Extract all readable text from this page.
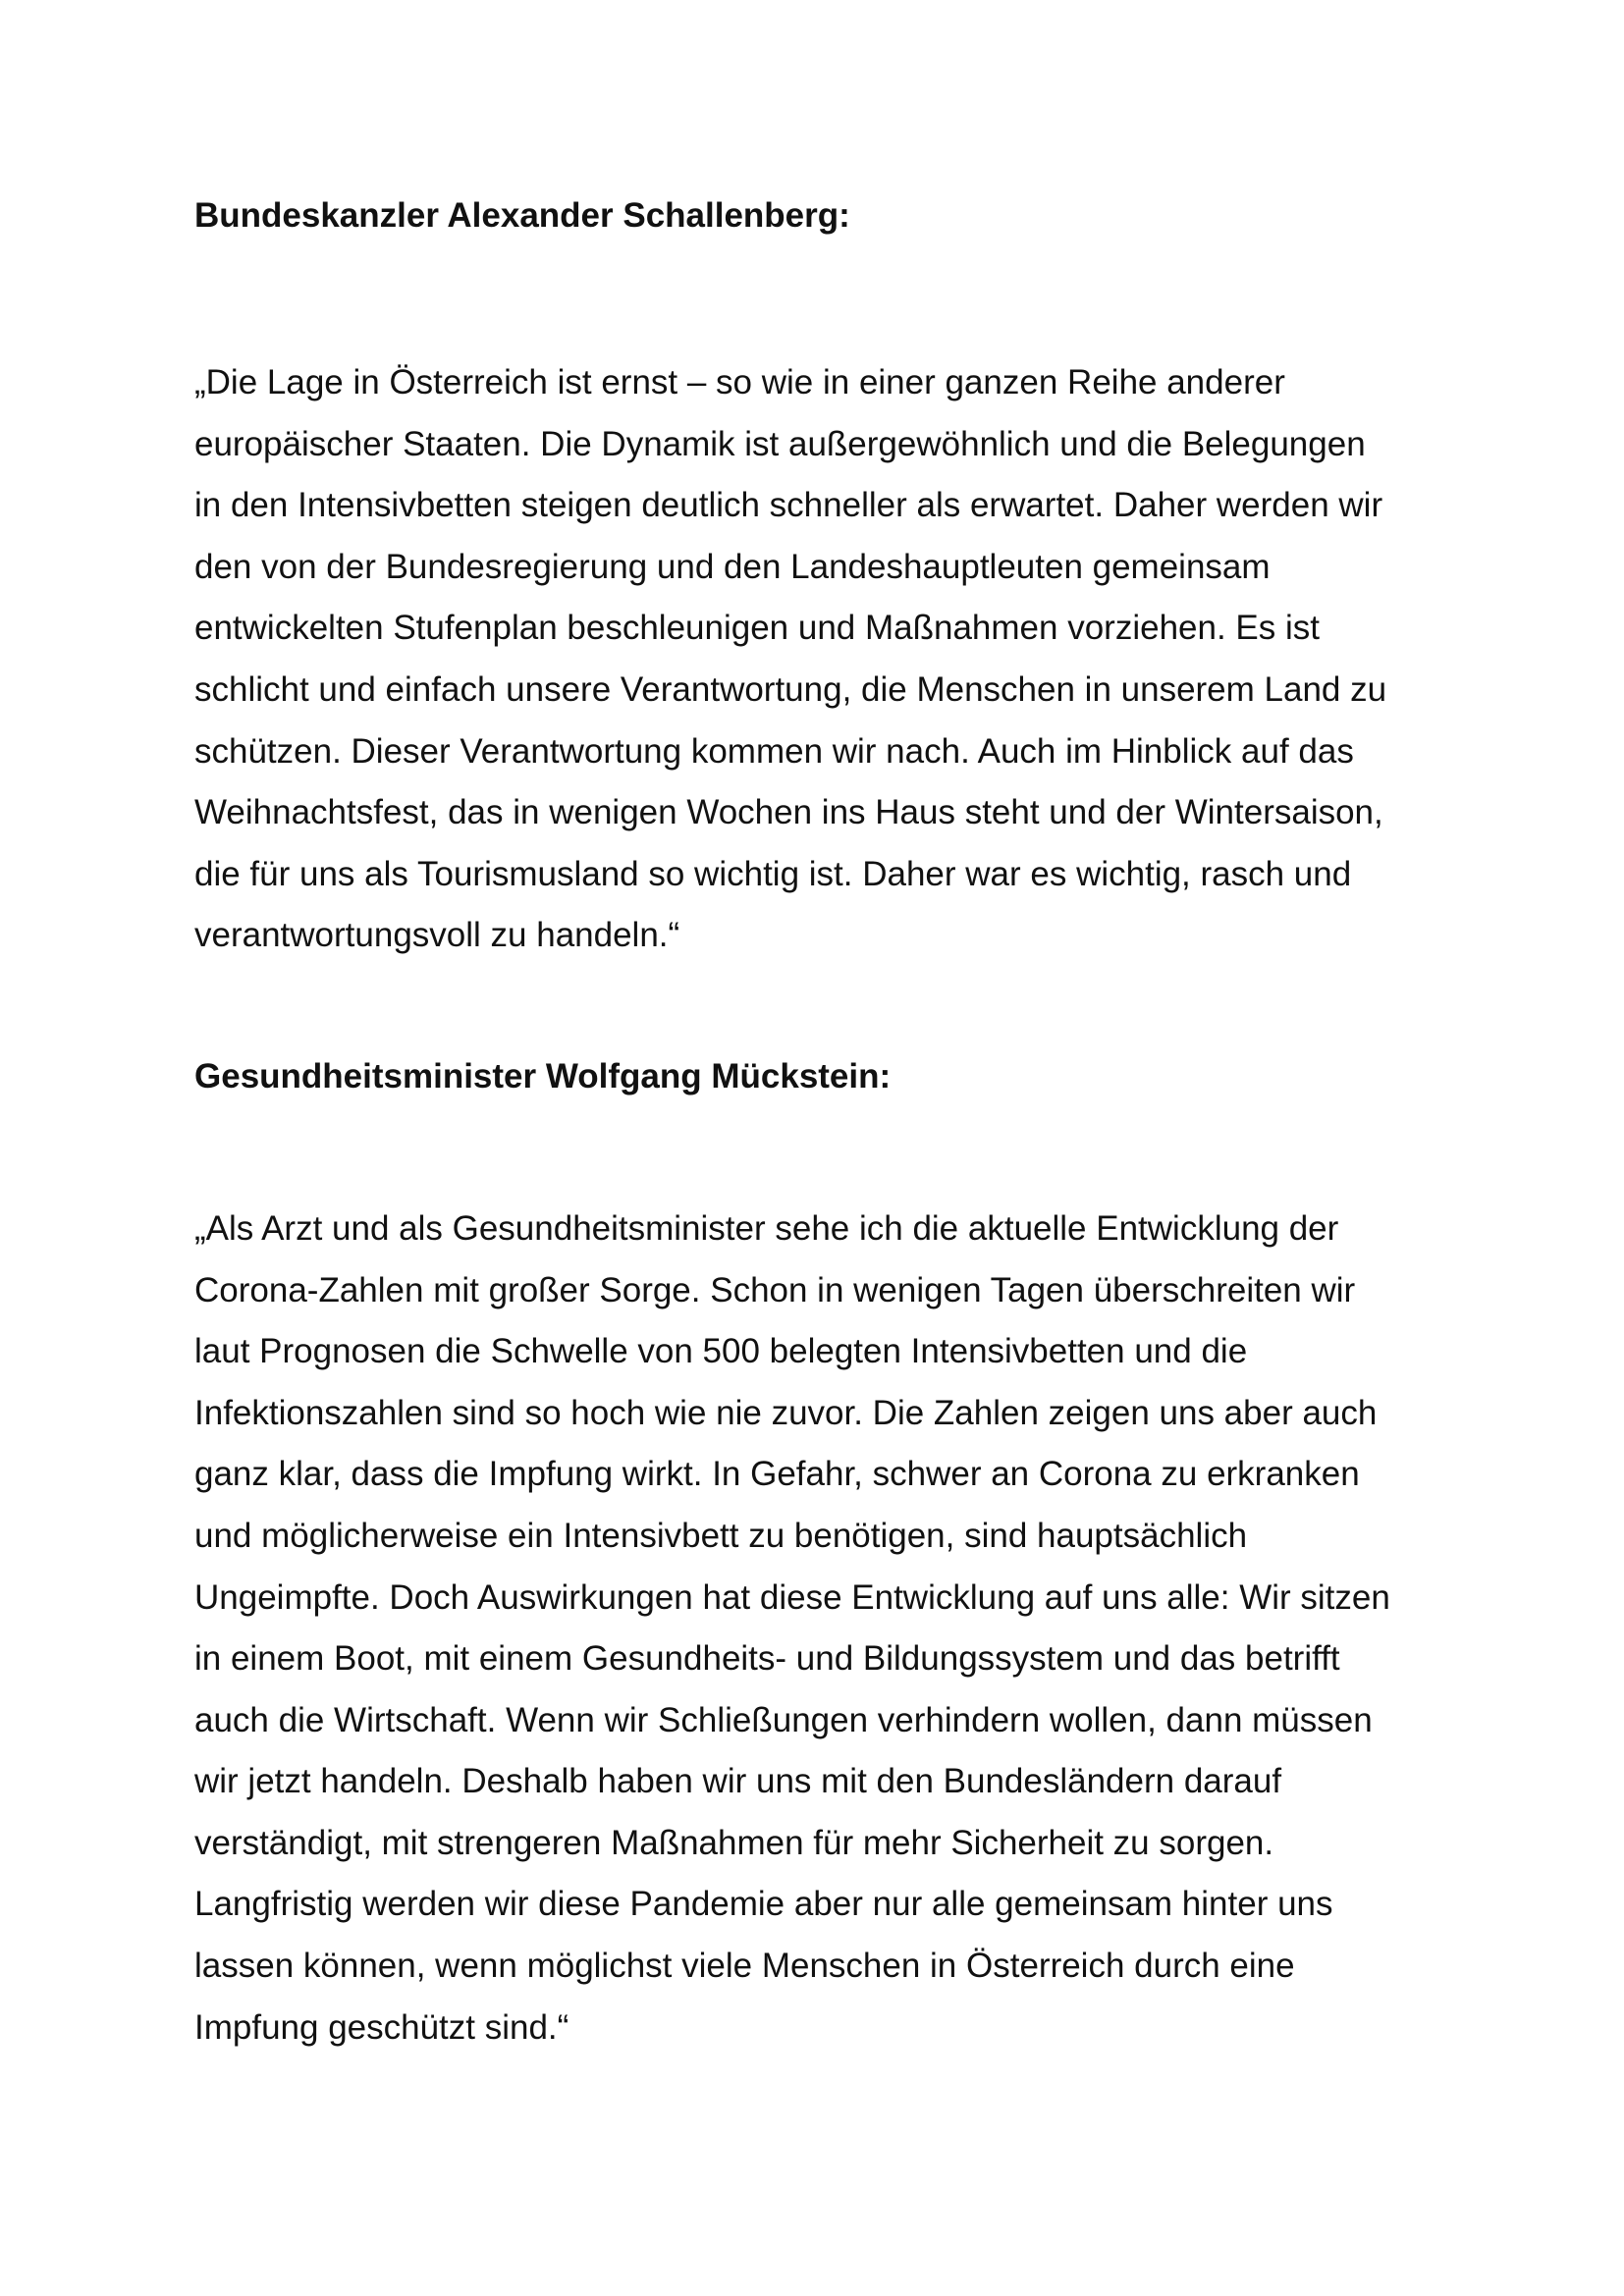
Bundeskanzler Alexander Schallenberg:

„Die Lage in Österreich ist ernst – so wie in einer ganzen Reihe anderer
europäischer Staaten. Die Dynamik ist außergewöhnlich und die Belegungen
in den Intensivbetten steigen deutlich schneller als erwartet. Daher werden wir
den von der Bundesregierung und den Landeshauptleuten gemeinsam
entwickelten Stufenplan beschleunigen und Maßnahmen vorziehen. Es ist
schlicht und einfach unsere Verantwortung, die Menschen in unserem Land zu
schützen. Dieser Verantwortung kommen wir nach. Auch im Hinblick auf das
Weihnachtsfest, das in wenigen Wochen ins Haus steht und der Wintersaison,
die für uns als Tourismusland so wichtig ist. Daher war es wichtig, rasch und
verantwortungsvoll zu handeln.“

Gesundheitsminister Wolfgang Mückstein:

„Als Arzt und als Gesundheitsminister sehe ich die aktuelle Entwicklung der
Corona-Zahlen mit großer Sorge. Schon in wenigen Tagen überschreiten wir
laut Prognosen die Schwelle von 500 belegten Intensivbetten und die
Infektionszahlen sind so hoch wie nie zuvor. Die Zahlen zeigen uns aber auch
ganz klar, dass die Impfung wirkt. In Gefahr, schwer an Corona zu erkranken
und möglicherweise ein Intensivbett zu benötigen, sind hauptsächlich
Ungeimpfte. Doch Auswirkungen hat diese Entwicklung auf uns alle: Wir sitzen
in einem Boot, mit einem Gesundheits- und Bildungssystem und das betrifft
auch die Wirtschaft. Wenn wir Schließungen verhindern wollen, dann müssen
wir jetzt handeln. Deshalb haben wir uns mit den Bundesländern darauf
verständigt, mit strengeren Maßnahmen für mehr Sicherheit zu sorgen.
Langfristig werden wir diese Pandemie aber nur alle gemeinsam hinter uns
lassen können, wenn möglichst viele Menschen in Österreich durch eine
Impfung geschützt sind.“
